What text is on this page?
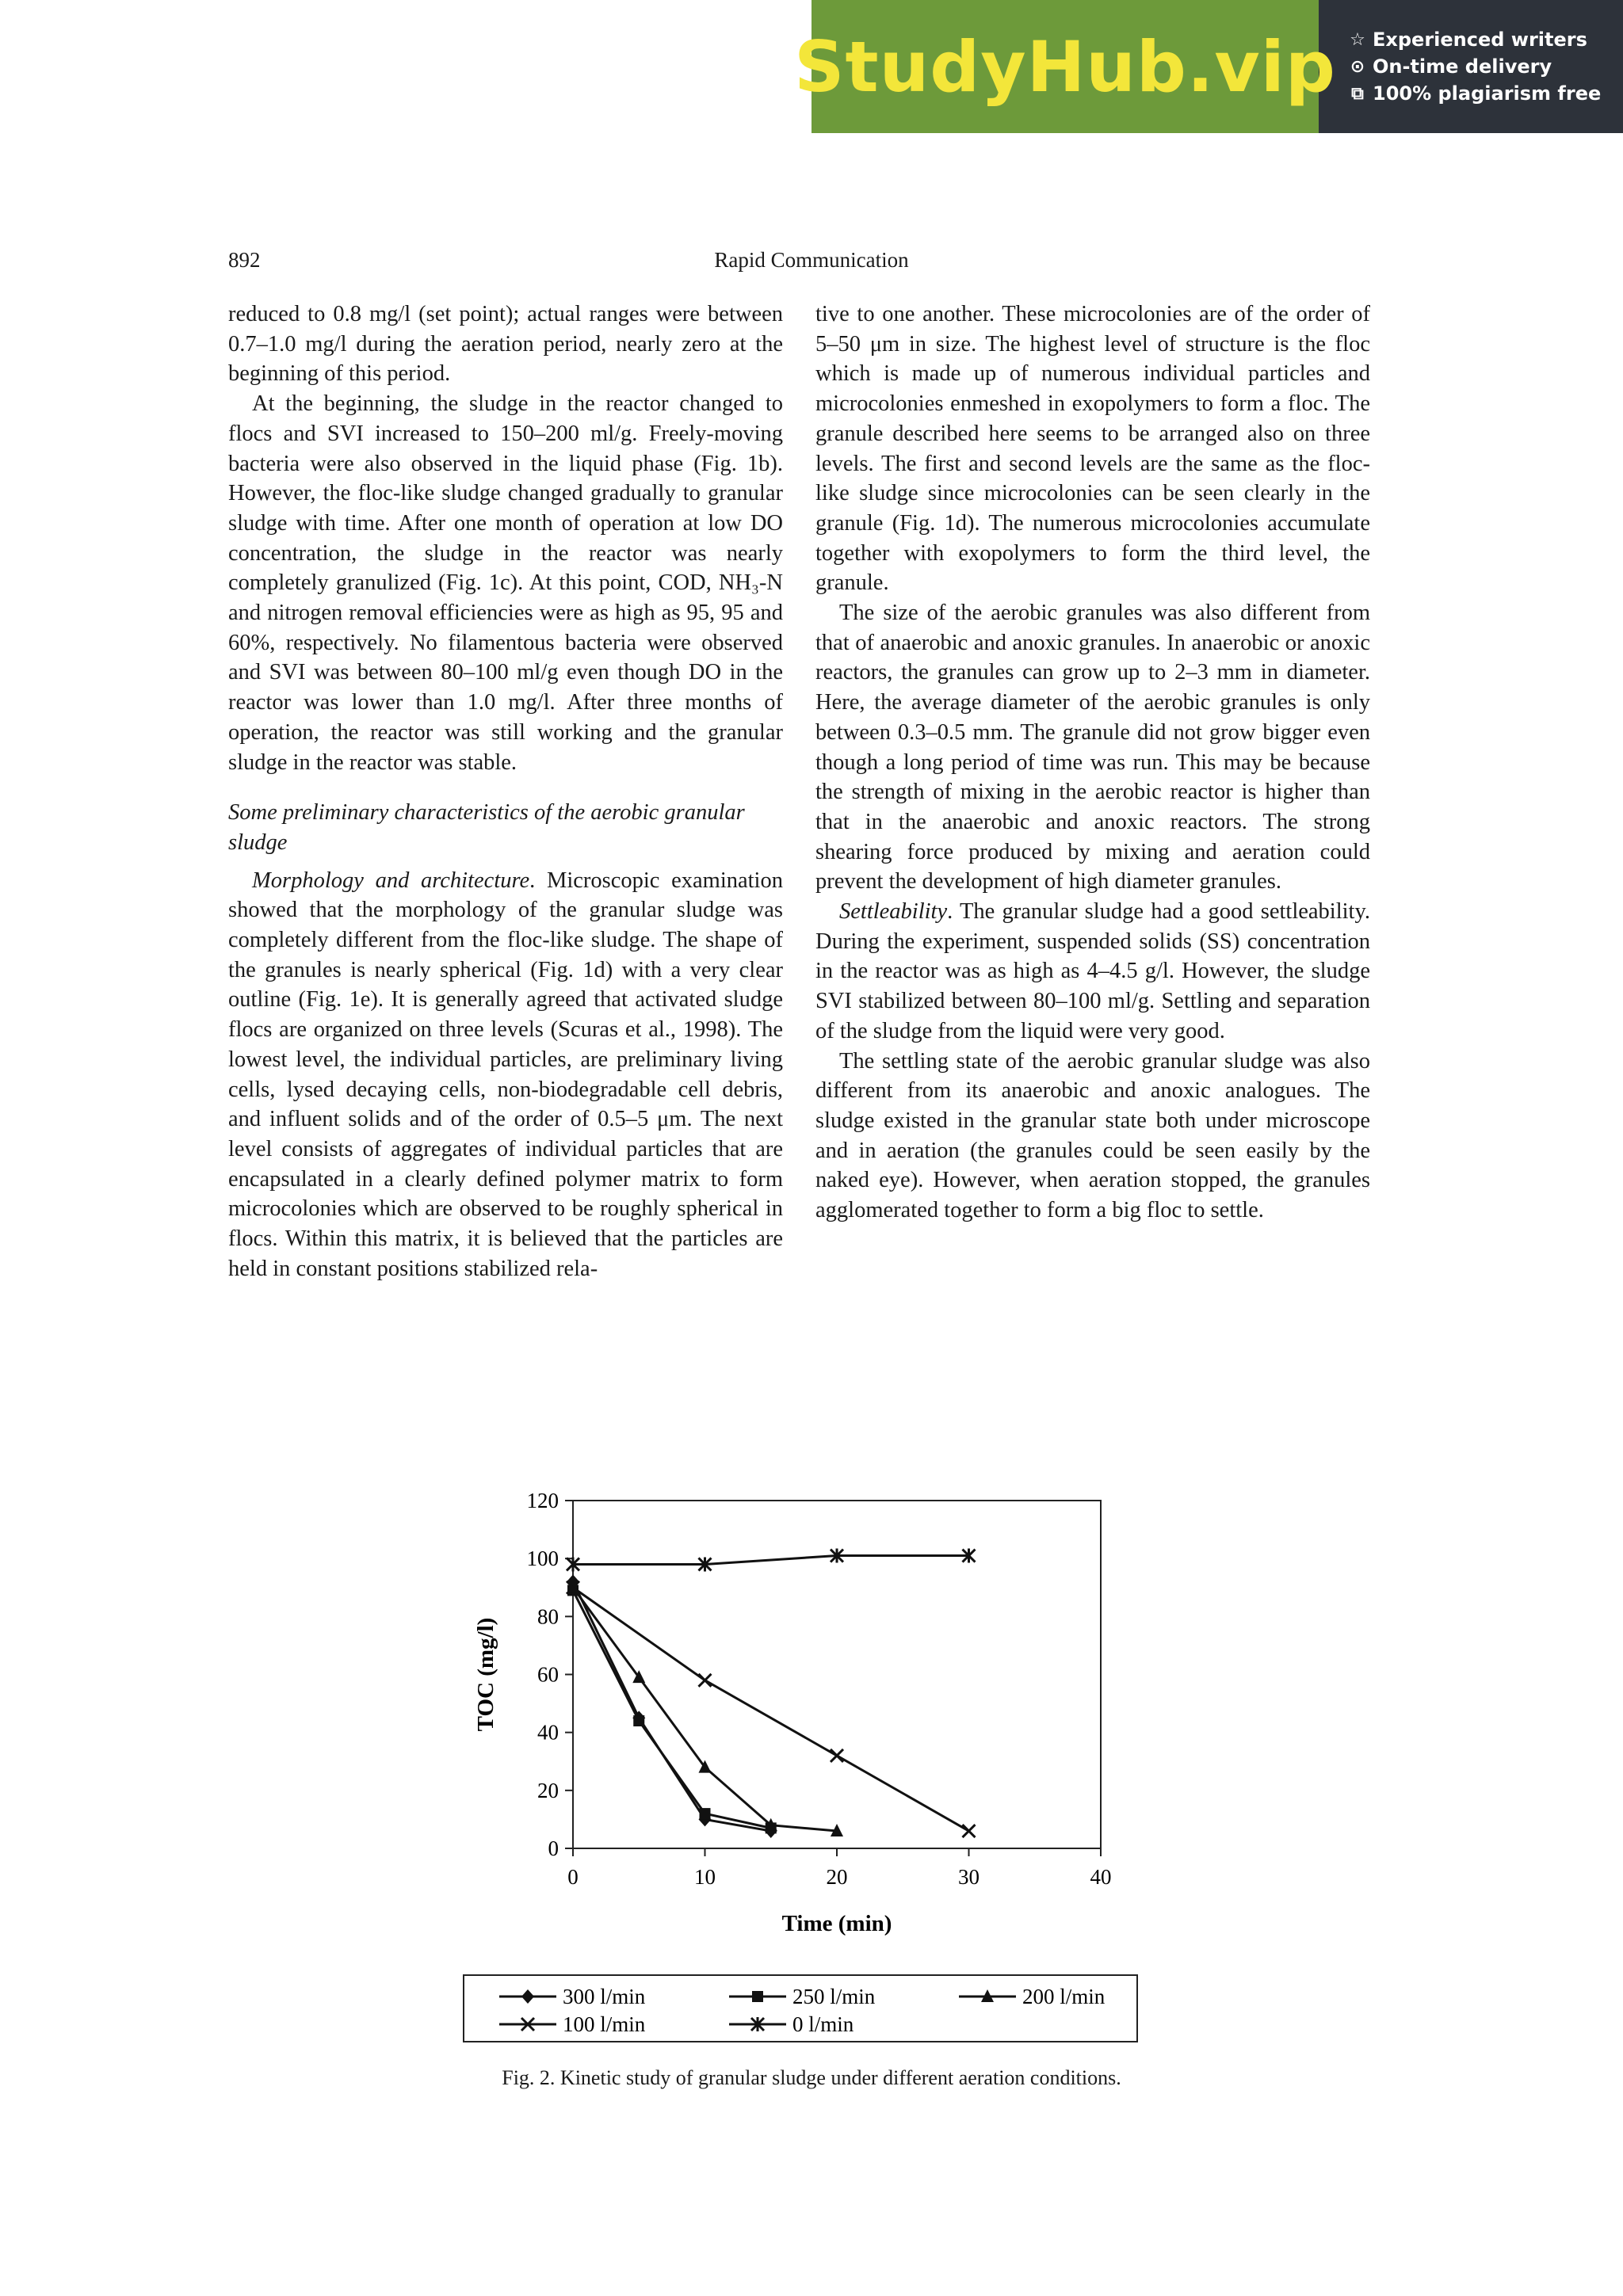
StudyHub.vip ☆ Experienced writers
⊙ On-time delivery
⧉ 100% plagiarism free
Rapid Communication
892

reduced to 0.8 mg/l (set point); actual ranges were between 0.7–1.0 mg/l during the aeration period, nearly zero at the beginning of this period.

At the beginning, the sludge in the reactor changed to flocs and SVI increased to 150–200 ml/g. Freely-moving bacteria were also observed in the liquid phase (Fig. 1b). However, the floc-like sludge changed gradually to granular sludge with time. After one month of operation at low DO concentration, the sludge in the reactor was nearly completely granulized (Fig. 1c). At this point, COD, NH₃-N and nitrogen removal efficiencies were as high as 95, 95 and 60%, respectively. No filamentous bacteria were observed and SVI was between 80–100 ml/g even though DO in the reactor was lower than 1.0 mg/l. After three months of operation, the reactor was still working and the granular sludge in the reactor was stable.

Some preliminary characteristics of the aerobic granular sludge

Morphology and architecture. Microscopic examination showed that the morphology of the granular sludge was completely different from the floc-like sludge. The shape of the granules is nearly spherical (Fig. 1d) with a very clear outline (Fig. 1e). It is generally agreed that activated sludge flocs are organized on three levels (Scuras et al., 1998). The lowest level, the individual particles, are preliminary living cells, lysed decaying cells, non-biodegradable cell debris, and influent solids and of the order of 0.5–5 μm. The next level consists of aggregates of individual particles that are encapsulated in a clearly defined polymer matrix to form microcolonies which are observed to be roughly spherical in flocs. Within this matrix, it is believed that the particles are held in constant positions stabilized rela-

tive to one another. These microcolonies are of the order of 5–50 μm in size. The highest level of structure is the floc which is made up of numerous individual particles and microcolonies enmeshed in exopolymers to form a floc. The granule described here seems to be arranged also on three levels. The first and second levels are the same as the floc-like sludge since microcolonies can be seen clearly in the granule (Fig. 1d). The numerous microcolonies accumulate together with exopolymers to form the third level, the granule.

The size of the aerobic granules was also different from that of anaerobic and anoxic granules. In anaerobic or anoxic reactors, the granules can grow up to 2–3 mm in diameter. Here, the average diameter of the aerobic granules is only between 0.3–0.5 mm. The granule did not grow bigger even though a long period of time was run. This may be because the strength of mixing in the aerobic reactor is higher than that in the anaerobic and anoxic reactors. The strong shearing force produced by mixing and aeration could prevent the development of high diameter granules.

Settleability. The granular sludge had a good settleability. During the experiment, suspended solids (SS) concentration in the reactor was as high as 4–4.5 g/l. However, the sludge SVI stabilized between 80–100 ml/g. Settling and separation of the sludge from the liquid were very good.

The settling state of the aerobic granular sludge was also different from its anaerobic and anoxic analogues. The sludge existed in the granular state both under microscope and in aeration (the granules could be seen easily by the naked eye). However, when aeration stopped, the granules agglomerated together to form a big floc to settle.

0
20
40
60
80
100
120
0	10	20	30	40
Time (min)
TOC (mg/l)
300 l/min	250 l/min	200 l/min
100 l/min	0 l/min
Fig. 2. Kinetic study of granular sludge under different aeration conditions.
